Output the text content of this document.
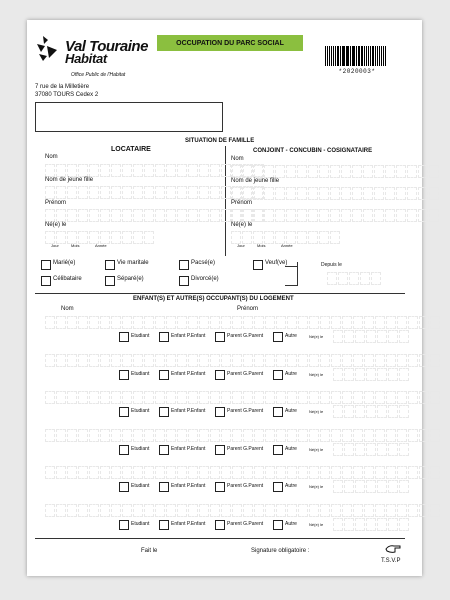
Val Touraine
Habitat
Office Public de l'Habitat
OCCUPATION DU PARC SOCIAL
*2020003*
7 rue de la Milletière
37080 TOURS Cedex 2
SITUATION DE FAMILLE
LOCATAIRE	CONJOINT - CONCUBIN - COSIGNATAIRE
Nom
Nom de jeune fille
Prénom
Né(e) le
Jour	Mois	Année
Nom
Nom de jeune fille
Prénom
Né(e) le
Jour	Mois	Année
Marié(e)	Vie maritale	Pacsé(e)	Veuf(ve)
Célibataire	Séparé(e)	Divorcé(e)
Depuis le
ENFANT(S) ET AUTRE(S) OCCUPANT(S) DU LOGEMENT
Nom	Prénom
Fait le	Signature obligatoire :
T.S.V.P
Etudiant	Enfant P.Enfant	Parent G.Parent	Autre	Né(e) le
Etudiant	Enfant P.Enfant	Parent G.Parent	Autre	Né(e) le
Etudiant	Enfant P.Enfant	Parent G.Parent	Autre	Né(e) le
Etudiant	Enfant P.Enfant	Parent G.Parent	Autre	Né(e) le
Etudiant	Enfant P.Enfant	Parent G.Parent	Autre	Né(e) le
Etudiant	Enfant P.Enfant	Parent G.Parent	Autre	Né(e) le
